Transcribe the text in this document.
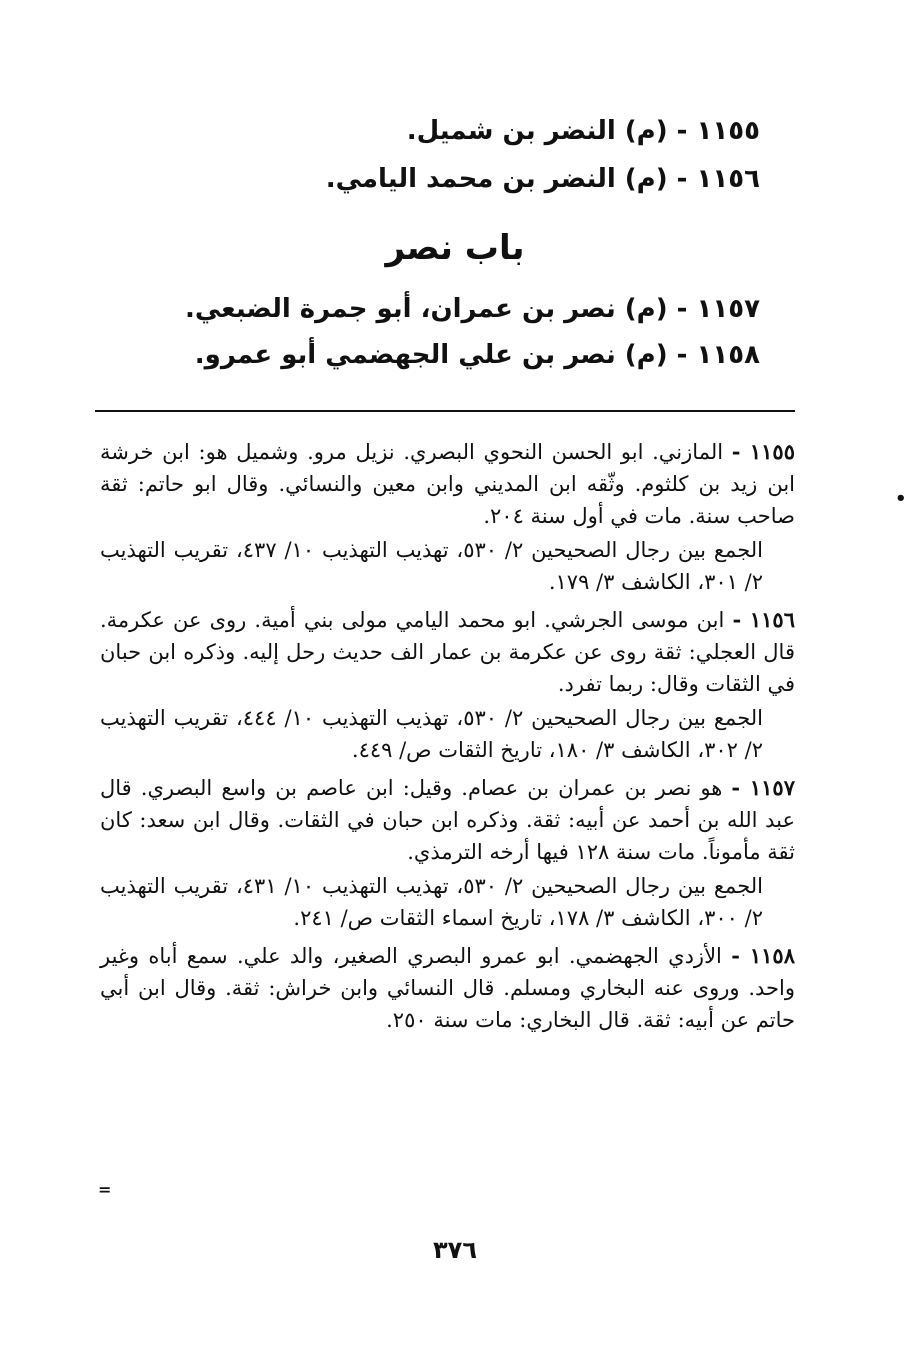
١١٥٥ - (م) النضر بن شميل.
١١٥٦ - (م) النضر بن محمد اليامي.
باب نصر
١١٥٧ - (م) نصر بن عمران، أبو جمرة الضبعي.
١١٥٨ - (م) نصر بن علي الجهضمي أبو عمرو.

١١٥٥ - المازني. ابو الحسن النحوي البصري. نزيل مرو. وشميل هو: ابن خرشة ابن زيد بن كلثوم. وثّقه ابن المديني وابن معين والنسائي. وقال ابو حاتم: ثقة صاحب سنة. مات في أول سنة ٢٠٤.

الجمع بين رجال الصحيحين ٢/ ٥٣٠، تهذيب التهذيب ١٠/ ٤٣٧، تقريب التهذيب ٢/ ٣٠١، الكاشف ٣/ ١٧٩.

١١٥٦ - ابن موسى الجرشي. ابو محمد اليامي مولى بني أمية. روى عن عكرمة. قال العجلي: ثقة روى عن عكرمة بن عمار الف حديث رحل إليه. وذكره ابن حبان في الثقات وقال: ربما تفرد.

الجمع بين رجال الصحيحين ٢/ ٥٣٠، تهذيب التهذيب ١٠/ ٤٤٤، تقريب التهذيب ٢/ ٣٠٢، الكاشف ٣/ ١٨٠، تاريخ الثقات ص/ ٤٤٩.

١١٥٧ - هو نصر بن عمران بن عصام. وقيل: ابن عاصم بن واسع البصري. قال عبد الله بن أحمد عن أبيه: ثقة. وذكره ابن حبان في الثقات. وقال ابن سعد: كان ثقة مأموناً. مات سنة ١٢٨ فيها أرخه الترمذي.

الجمع بين رجال الصحيحين ٢/ ٥٣٠، تهذيب التهذيب ١٠/ ٤٣١، تقريب التهذيب ٢/ ٣٠٠، الكاشف ٣/ ١٧٨، تاريخ اسماء الثقات ص/ ٢٤١.

١١٥٨ - الأزدي الجهضمي. ابو عمرو البصري الصغير، والد علي. سمع أباه وغير واحد. وروى عنه البخاري ومسلم. قال النسائي وابن خراش: ثقة. وقال ابن أبي حاتم عن أبيه: ثقة. قال البخاري: مات سنة ٢٥٠.

٣٧٦
•
=
